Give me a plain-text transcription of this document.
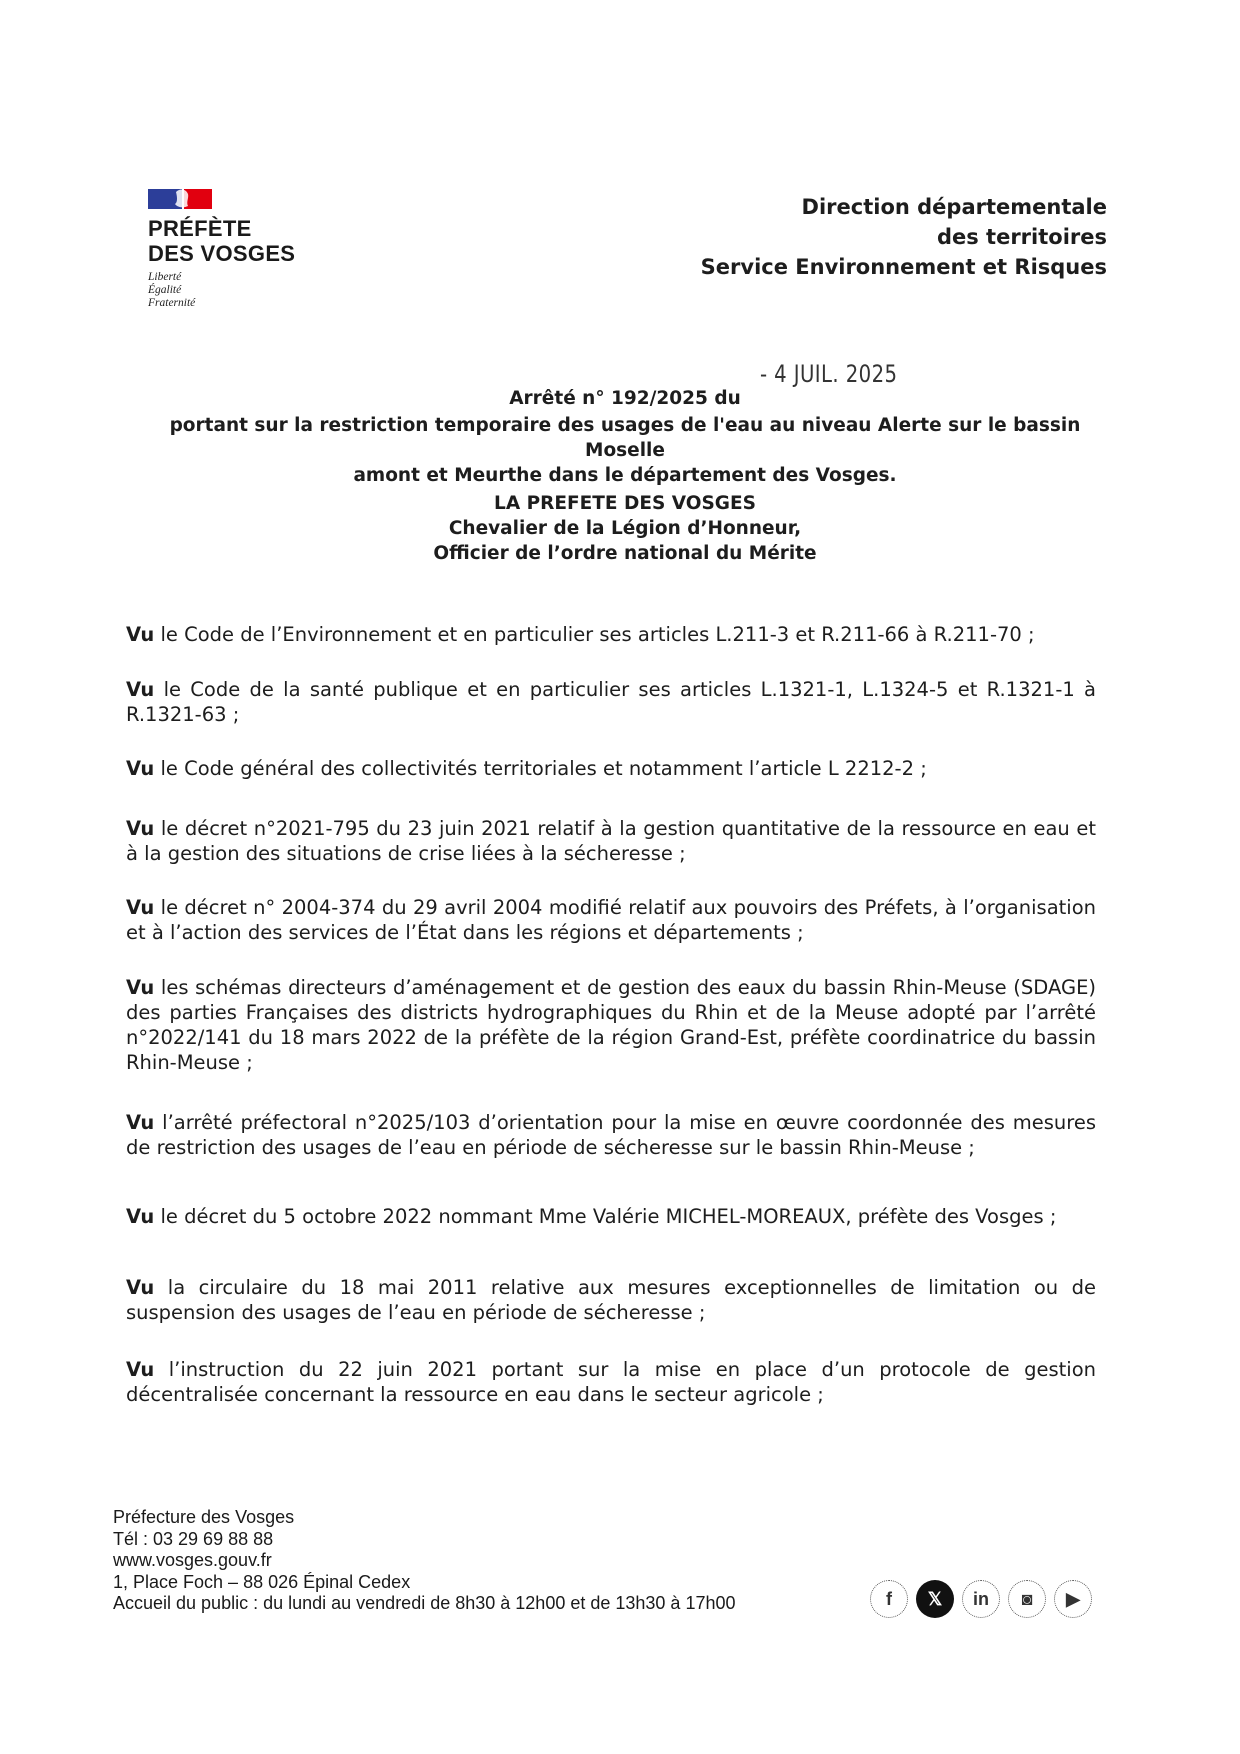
PRÉFÈTE
DES VOSGES
Liberté
Égalité
Fraternité
Direction départementale
des territoires
Service Environnement et Risques
- 4 JUIL. 2025
Arrêté n° 192/2025 du
portant sur la restriction temporaire des usages de l'eau au niveau Alerte sur le bassin Moselle
amont et Meurthe dans le département des Vosges.
LA PREFETE DES VOSGES
Chevalier de la Légion d’Honneur,
Officier de l’ordre national du Mérite
Vu le Code de l’Environnement et en particulier ses articles L.211-3 et R.211-66 à R.211-70 ;
Vu le Code de la santé publique et en particulier ses articles L.1321-1, L.1324-5 et R.1321-1 à R.1321-63 ;
Vu le Code général des collectivités territoriales et notamment l’article L 2212-2 ;
Vu le décret n°2021-795 du 23 juin 2021 relatif à la gestion quantitative de la ressource en eau et à la gestion des situations de crise liées à la sécheresse ;
Vu le décret n° 2004-374 du 29 avril 2004 modifié relatif aux pouvoirs des Préfets, à l’organisation et à l’action des services de l’État dans les régions et départements ;
Vu les schémas directeurs d’aménagement et de gestion des eaux du bassin Rhin-Meuse (SDAGE) des parties Françaises des districts hydrographiques du Rhin et de la Meuse adopté par l’arrêté n°2022/141 du 18 mars 2022 de la préfète de la région Grand-Est, préfète coordinatrice du bassin Rhin-Meuse ;
Vu l’arrêté préfectoral n°2025/103 d’orientation pour la mise en œuvre coordonnée des mesures de restriction des usages de l’eau en période de sécheresse sur le bassin Rhin-Meuse ;
Vu le décret du 5 octobre 2022 nommant Mme Valérie MICHEL-MOREAUX, préfète des Vosges ;
Vu la circulaire du 18 mai 2011 relative aux mesures exceptionnelles de limitation ou de suspension des usages de l’eau en période de sécheresse ;
Vu l’instruction du 22 juin 2021 portant sur la mise en place d’un protocole de gestion décentralisée concernant la ressource en eau dans le secteur agricole ;
Préfecture des Vosges
Tél : 03 29 69 88 88
www.vosges.gouv.fr
1, Place Foch – 88 026 Épinal Cedex
Accueil du public : du lundi au vendredi de 8h30 à 12h00 et de 13h30 à 17h00	f	𝕏	in	◙	▶
